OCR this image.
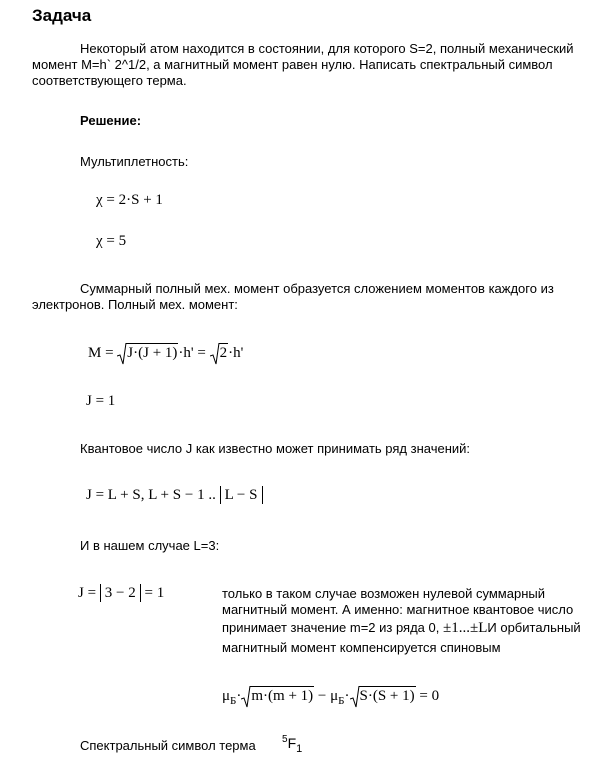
Задача
Некоторый атом находится в состоянии, для которого S=2, полный механический
момент M=h` 2^1/2, а магнитный момент равен нулю. Написать спектральный символ
соответствующего терма.
Решение:
Мультиплетность:
χ = 2·S + 1
χ = 5
Суммарный полный мех. момент образуется сложением моментов каждого из
электронов. Полный мех. момент:
M = J·(J + 1)·h' = 2·h'
J = 1
Квантовое число J как известно может принимать ряд значений:
J = L + S, L + S − 1 .. L − S
И в нашем случае L=3:
J = 3 − 2 = 1	только в таком случае возможен нулевой суммарный
магнитный момент. А именно: магнитное квантовое число
принимает значение m=2 из ряда 0, ±1...±LИ орбитальный
магнитный момент компенсируется спиновым
$\mu_Б\cdot m\cdot(m + 1) - \mu_Б\cdot S\cdot(S + 1) = 0$
Спектральный символ терма	$^5F_1$
